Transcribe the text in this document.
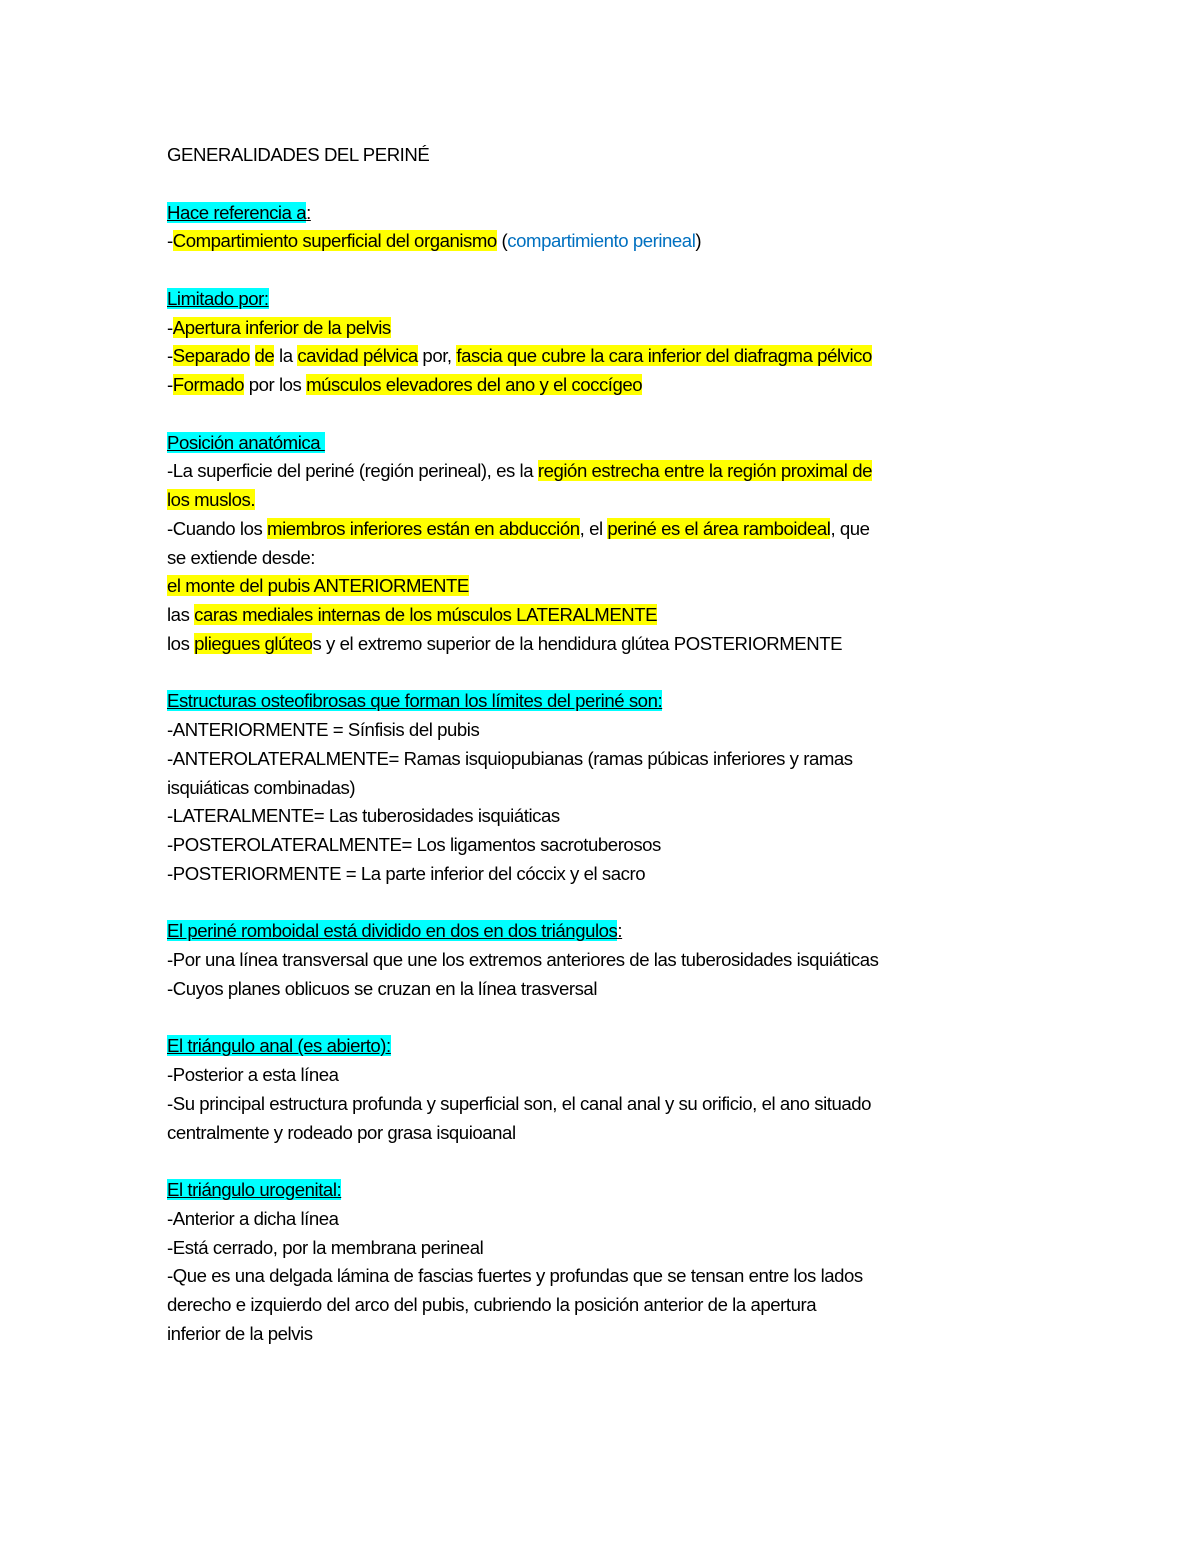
GENERALIDADES DEL PERINÉ
Hace referencia a:
-Compartimiento superficial del organismo (compartimiento perineal)
Limitado por:
-Apertura inferior de la pelvis
-Separado de la cavidad pélvica por, fascia que cubre la cara inferior del diafragma pélvico
-Formado por los músculos elevadores del ano y el coccígeo
Posición anatómica
-La superficie del periné (región perineal), es la región estrecha entre la región proximal de
los muslos.
-Cuando los miembros inferiores están en abducción, el periné es el área ramboideal, que
se extiende desde:
el monte del pubis ANTERIORMENTE
las caras mediales internas de los músculos LATERALMENTE
los pliegues glúteos y el extremo superior de la hendidura glútea POSTERIORMENTE
Estructuras osteofibrosas que forman los límites del periné son:
-ANTERIORMENTE = Sínfisis del pubis
-ANTEROLATERALMENTE= Ramas isquiopubianas (ramas púbicas inferiores y ramas
isquiáticas combinadas)
-LATERALMENTE= Las tuberosidades isquiáticas
-POSTEROLATERALMENTE= Los ligamentos sacrotuberosos
-POSTERIORMENTE = La parte inferior del cóccix y el sacro
El periné romboidal está dividido en dos en dos triángulos:
-Por una línea transversal que une los extremos anteriores de las tuberosidades isquiáticas
-Cuyos planes oblicuos se cruzan en la línea trasversal
El triángulo anal (es abierto):
-Posterior a esta línea
-Su principal estructura profunda y superficial son, el canal anal y su orificio, el ano situado
centralmente y rodeado por grasa isquioanal
El triángulo urogenital:
-Anterior a dicha línea
-Está cerrado, por la membrana perineal
-Que es una delgada lámina de fascias fuertes y profundas que se tensan entre los lados
derecho e izquierdo del arco del pubis, cubriendo la posición anterior de la apertura
inferior de la pelvis
